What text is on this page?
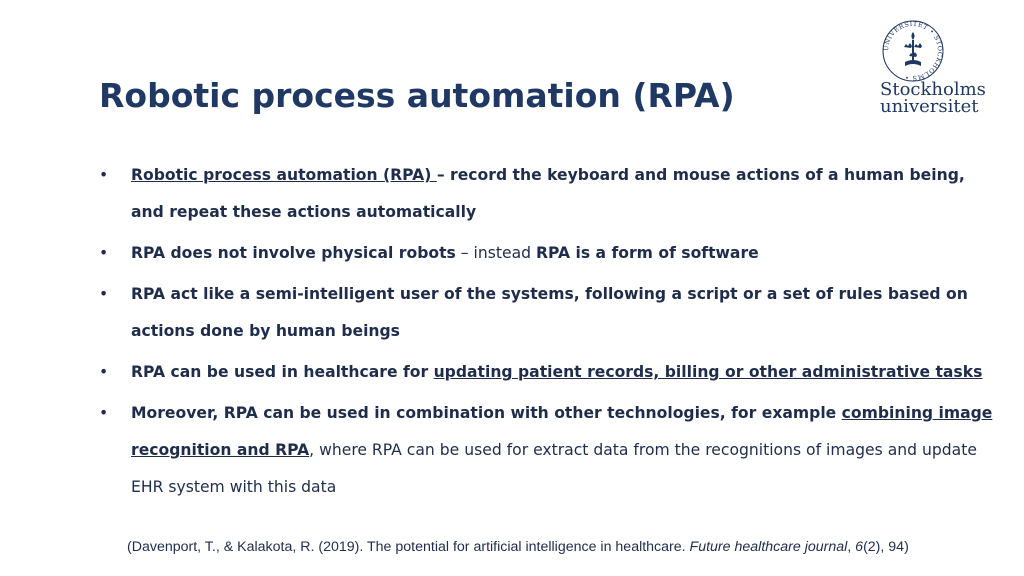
Robotic process automation (RPA)
UNIVERSITET • STOCKHOLMS •
Stockholms
universitet
• Robotic process automation (RPA) – record the keyboard and mouse actions of a human being, and repeat these actions automatically
• RPA does not involve physical robots – instead RPA is a form of software
• RPA act like a semi-intelligent user of the systems, following a script or a set of rules based on actions done by human beings
• RPA can be used in healthcare for updating patient records, billing or other administrative tasks
• Moreover, RPA can be used in combination with other technologies, for example combining image recognition and RPA, where RPA can be used for extract data from the recognitions of images and update EHR system with this data

(Davenport, T., & Kalakota, R. (2019). The potential for artificial intelligence in healthcare. Future healthcare journal, 6(2), 94)
